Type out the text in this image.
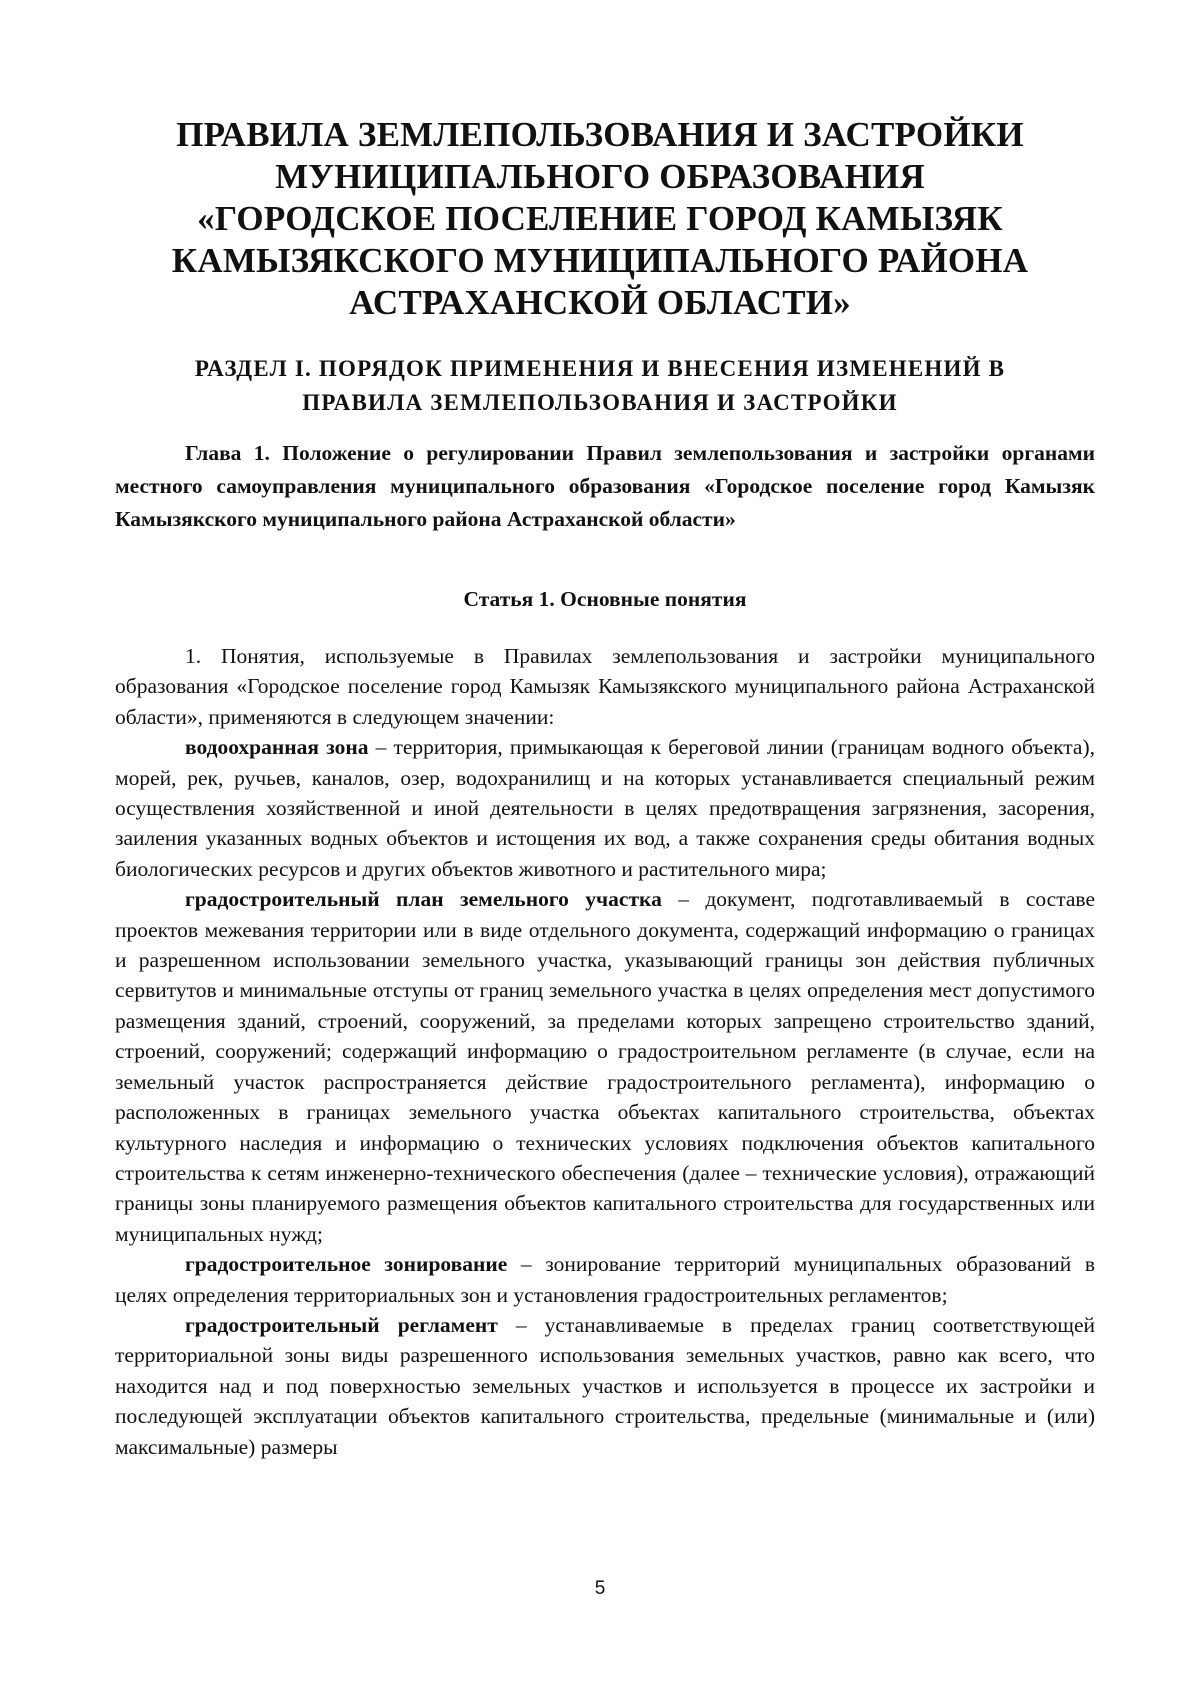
ПРАВИЛА ЗЕМЛЕПОЛЬЗОВАНИЯ И ЗАСТРОЙКИ
МУНИЦИПАЛЬНОГО ОБРАЗОВАНИЯ
«ГОРОДСКОЕ ПОСЕЛЕНИЕ ГОРОД КАМЫЗЯК
КАМЫЗЯКСКОГО МУНИЦИПАЛЬНОГО РАЙОНА
АСТРАХАНСКОЙ ОБЛАСТИ»
РАЗДЕЛ I. ПОРЯДОК ПРИМЕНЕНИЯ И ВНЕСЕНИЯ ИЗМЕНЕНИЙ В
ПРАВИЛА ЗЕМЛЕПОЛЬЗОВАНИЯ И ЗАСТРОЙКИ

Глава 1. Положение о регулировании Правил землепользования и застройки органами местного самоуправления муниципального образования «Городское поселение город Камызяк Камызякского муниципального района Астраханской области»

Статья 1. Основные понятия

1. Понятия, используемые в Правилах землепользования и застройки муниципального образования «Городское поселение город Камызяк Камызякского муниципального района Астраханской области», применяются в следующем значении:

водоохранная зона – территория, примыкающая к береговой линии (границам водного объекта), морей, рек, ручьев, каналов, озер, водохранилищ и на которых устанавливается специальный режим осуществления хозяйственной и иной деятельности в целях предотвращения загрязнения, засорения, заиления указанных водных объектов и истощения их вод, а также сохранения среды обитания водных биологических ресурсов и других объектов животного и растительного мира;

градостроительный план земельного участка – документ, подготавливаемый в составе проектов межевания территории или в виде отдельного документа, содержащий информацию о границах и разрешенном использовании земельного участка, указывающий границы зон действия публичных сервитутов и минимальные отступы от границ земельного участка в целях определения мест допустимого размещения зданий, строений, сооружений, за пределами которых запрещено строительство зданий, строений, сооружений; содержащий информацию о градостроительном регламенте (в случае, если на земельный участок распространяется действие градостроительного регламента), информацию о расположенных в границах земельного участка объектах капитального строительства, объектах культурного наследия и информацию о технических условиях подключения объектов капитального строительства к сетям инженерно-технического обеспечения (далее – технические условия), отражающий границы зоны планируемого размещения объектов капитального строительства для государственных или муниципальных нужд;

градостроительное зонирование – зонирование территорий муниципальных образований в целях определения территориальных зон и установления градостроительных регламентов;

градостроительный регламент – устанавливаемые в пределах границ соответствующей территориальной зоны виды разрешенного использования земельных участков, равно как всего, что находится над и под поверхностью земельных участков и используется в процессе их застройки и последующей эксплуатации объектов капитального строительства, предельные (минимальные и (или) максимальные) размеры

5
